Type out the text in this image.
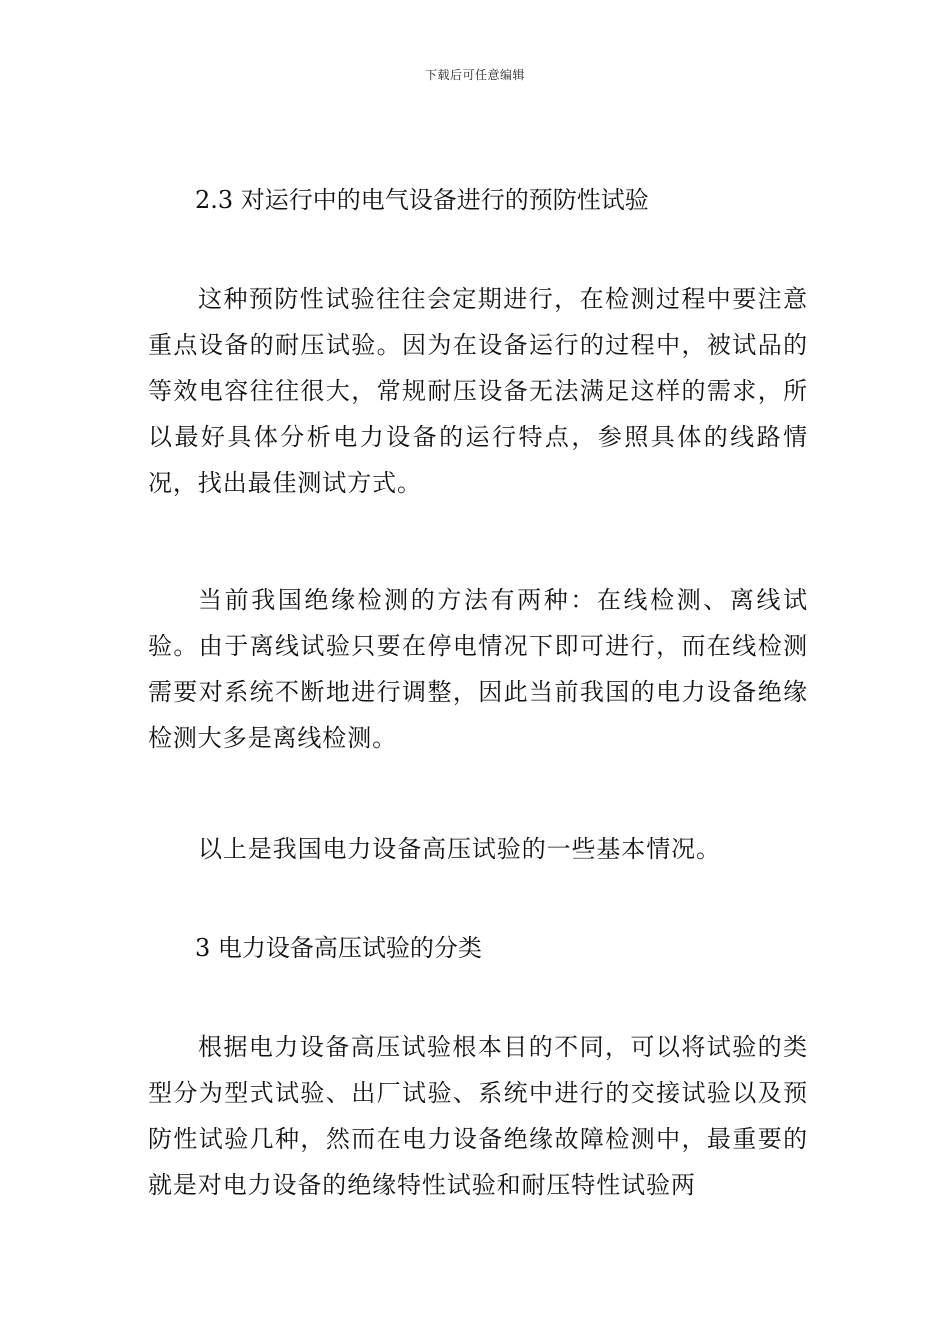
下载后可任意编辑
2.3 对运行中的电气设备进行的预防性试验
这种预防性试验往往会定期进行，在检测过程中要注意重点设备的耐压试验。因为在设备运行的过程中，被试品的等效电容往往很大，常规耐压设备无法满足这样的需求，所以最好具体分析电力设备的运行特点，参照具体的线路情况，找出最佳测试方式。
当前我国绝缘检测的方法有两种：在线检测、离线试验。由于离线试验只要在停电情况下即可进行，而在线检测需要对系统不断地进行调整，因此当前我国的电力设备绝缘检测大多是离线检测。
以上是我国电力设备高压试验的一些基本情况。
3 电力设备高压试验的分类
根据电力设备高压试验根本目的不同，可以将试验的类型分为型式试验、出厂试验、系统中进行的交接试验以及预防性试验几种，然而在电力设备绝缘故障检测中，最重要的就是对电力设备的绝缘特性试验和耐压特性试验两
